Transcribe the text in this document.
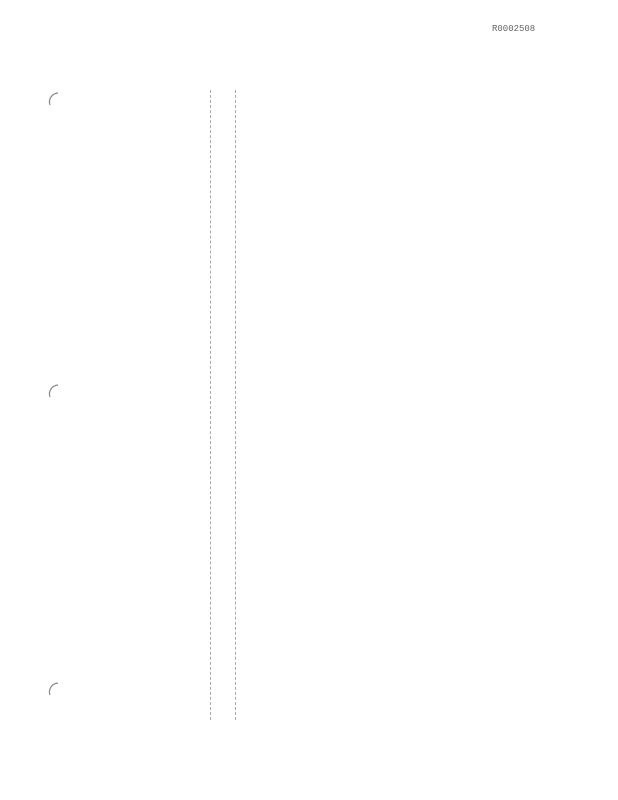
R0002508
